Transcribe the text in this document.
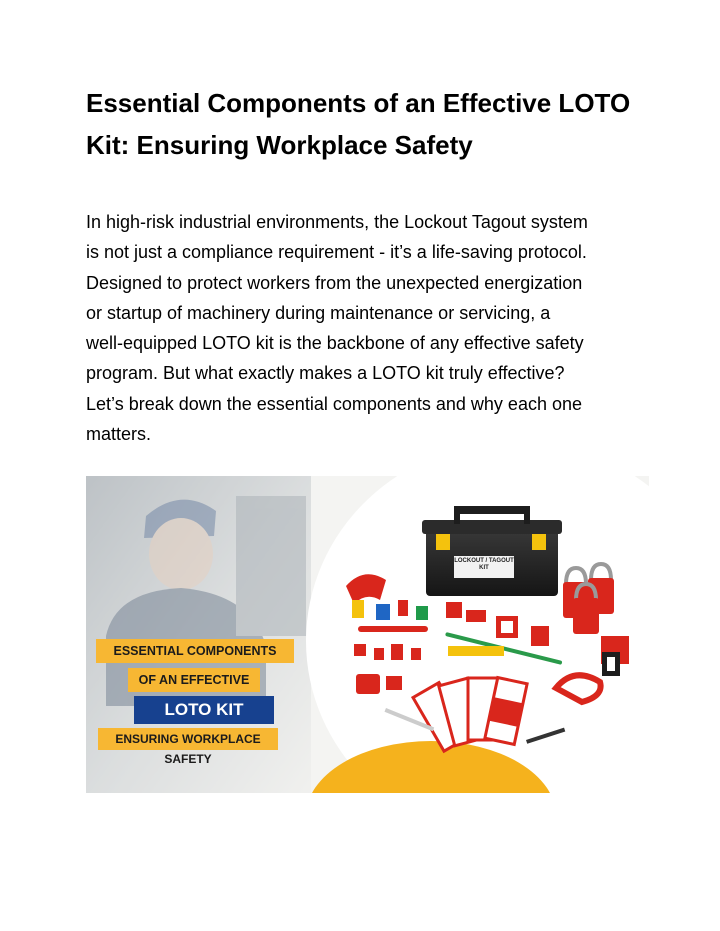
Essential Components of an Effective LOTO
Kit: Ensuring Workplace Safety

In high-risk industrial environments, the Lockout Tagout system
is not just a compliance requirement - it’s a life-saving protocol.
Designed to protect workers from the unexpected energization
or startup of machinery during maintenance or servicing, a
well-equipped LOTO kit is the backbone of any effective safety
program. But what exactly makes a LOTO kit truly effective?
Let’s break down the essential components and why each one
matters.

LOCKOUT / TAGOUT KIT
ESSENTIAL COMPONENTS
OF AN EFFECTIVE
LOTO KIT
ENSURING WORKPLACE
SAFETY
